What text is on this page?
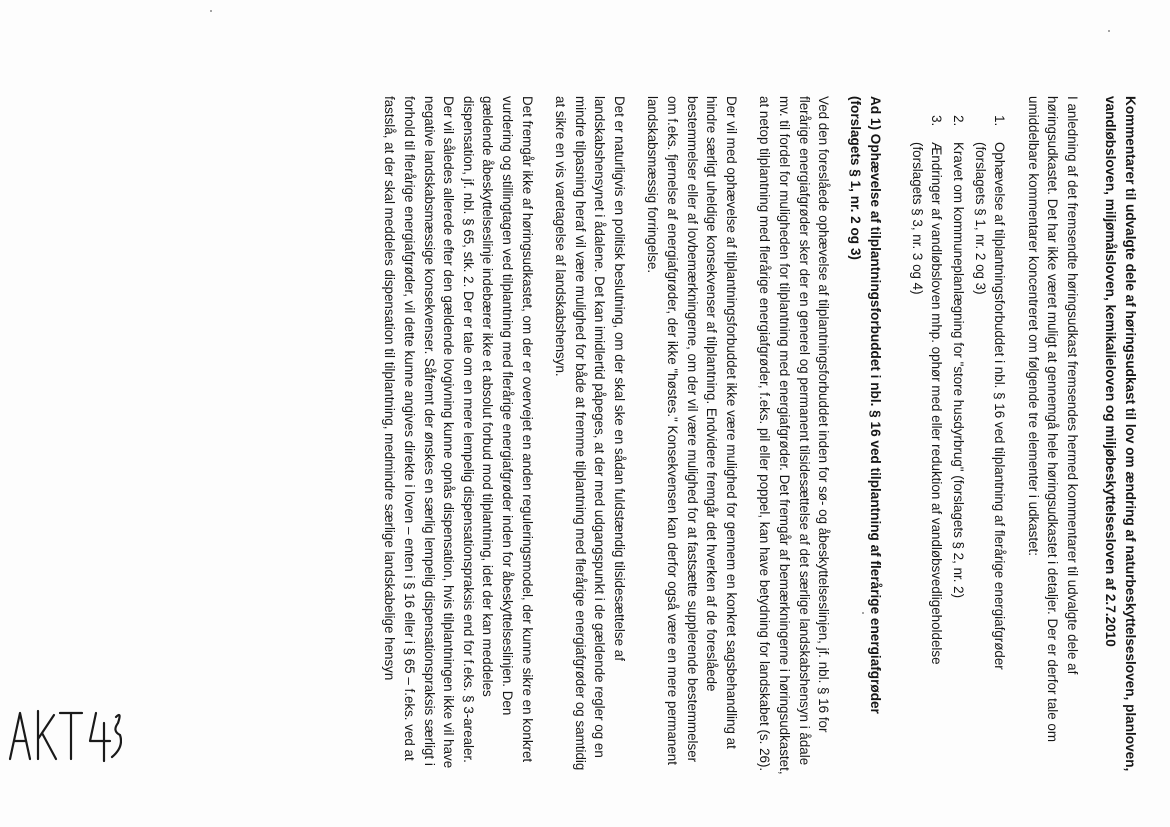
Kommentarer til udvalgte dele af høringsudkast til lov om ændring af naturbeskyttelsesloven, planloven, vandløbsloven, miljømålsloven, kemikalieloven og miljøbeskyttelsesloven af 2.7.2010

I anledning af det fremsendte høringsudkast fremsendes hermed kommentarer til udvalgte dele af høringsudkastet. Det har ikke været muligt at gennemgå hele høringsudkastet i detaljer. Der er derfor tale om umiddelbare kommentarer koncentreret om følgende tre elementer i udkastet:

1. Ophævelse af tilplantningsforbuddet i nbl. § 16 ved tilplantning af flerårige energiafgrøder
(forslagets § 1, nr. 2 og 3)
2. Kravet om kommuneplanlægning for "store husdyrbrug" (forslagets § 2, nr. 2)
3. Ændringer af vandløbsloven mhp. ophør med eller reduktion af vandløbsvedligeholdelse
(forslagets § 3, nr. 3 og 4)
Ad 1) Ophævelse af tilplantningsforbuddet i nbl. § 16 ved tilplantning af flerårige energiafgrøder
(forslagets § 1, nr. 2 og 3)

Ved den foreslåede ophævelse af tilplantningsforbuddet inden for sø- og åbeskyttelseslinjen, jf. nbl. § 16 for flerårige energiafgrøder sker der en generel og permanent tilsidesættelse af det særlige landskabshensyn i ådale mv. til fordel for muligheden for tilplantning med energiafgrøder. Det fremgår af bemærkningerne i høringsudkastet, at netop tilplantning med flerårige energiafgrøder, f.eks. pil eller poppel, kan have betydning for landskabet (s. 26).

Der vil med ophævelse af tilplantningsforbuddet ikke være mulighed for gennem en konkret sagsbehandling at hindre særligt uheldige konsekvenser af tilplantning. Endvidere fremgår det hverken af de foreslåede bestemmelser eller af lovbemærkningerne, om der vil være mulighed for at fastsætte supplerende bestemmelser om f.eks. fjernelse af energiafgrøder, der ikke "høstes." Konsekvensen kan derfor også være en mere permanent landskabsmæssig forringelse.

Det er naturligvis en politisk beslutning, om der skal ske en sådan fuldstændig tilsidesættelse af landskabshensynet i ådalene. Det kan imidlertid påpeges, at der med udgangspunkt i de gældende regler og en mindre tilpasning heraf vil være mulighed for både at fremme tilplantning med flerårige energiafgrøder og samtidig at sikre en vis varetagelse af landskabshensyn.

Det fremgår ikke af høringsudkastet, om der er overvejet en anden reguleringsmodel, der kunne sikre en konkret vurdering og stillingtagen ved tilplantning med flerårige energiafgrøder inden for åbeskyttelseslinjen. Den gældende åbeskyttelseslinje indebærer ikke et absolut forbud mod tilplantning, idet der kan meddeles dispensation, jf. nbl. § 65, stk. 2. Der er tale om en mere lempelig dispensationspraksis end for f.eks. § 3-arealer. Der vil således allerede efter den gældende lovgivning kunne opnås dispensation, hvis tilplantningen ikke vil have negative landskabsmæssige konsekvenser. Såfremt der ønskes en særlig lempelig dispensationspraksis særligt i forhold til flerårige energiafgrøder, vil dette kunne angives direkte i loven – enten i § 16 eller i § 65 – f.eks. ved at fastslå, at der skal meddeles dispensation til tilplantning, medmindre særlige landskabelige hensyn
